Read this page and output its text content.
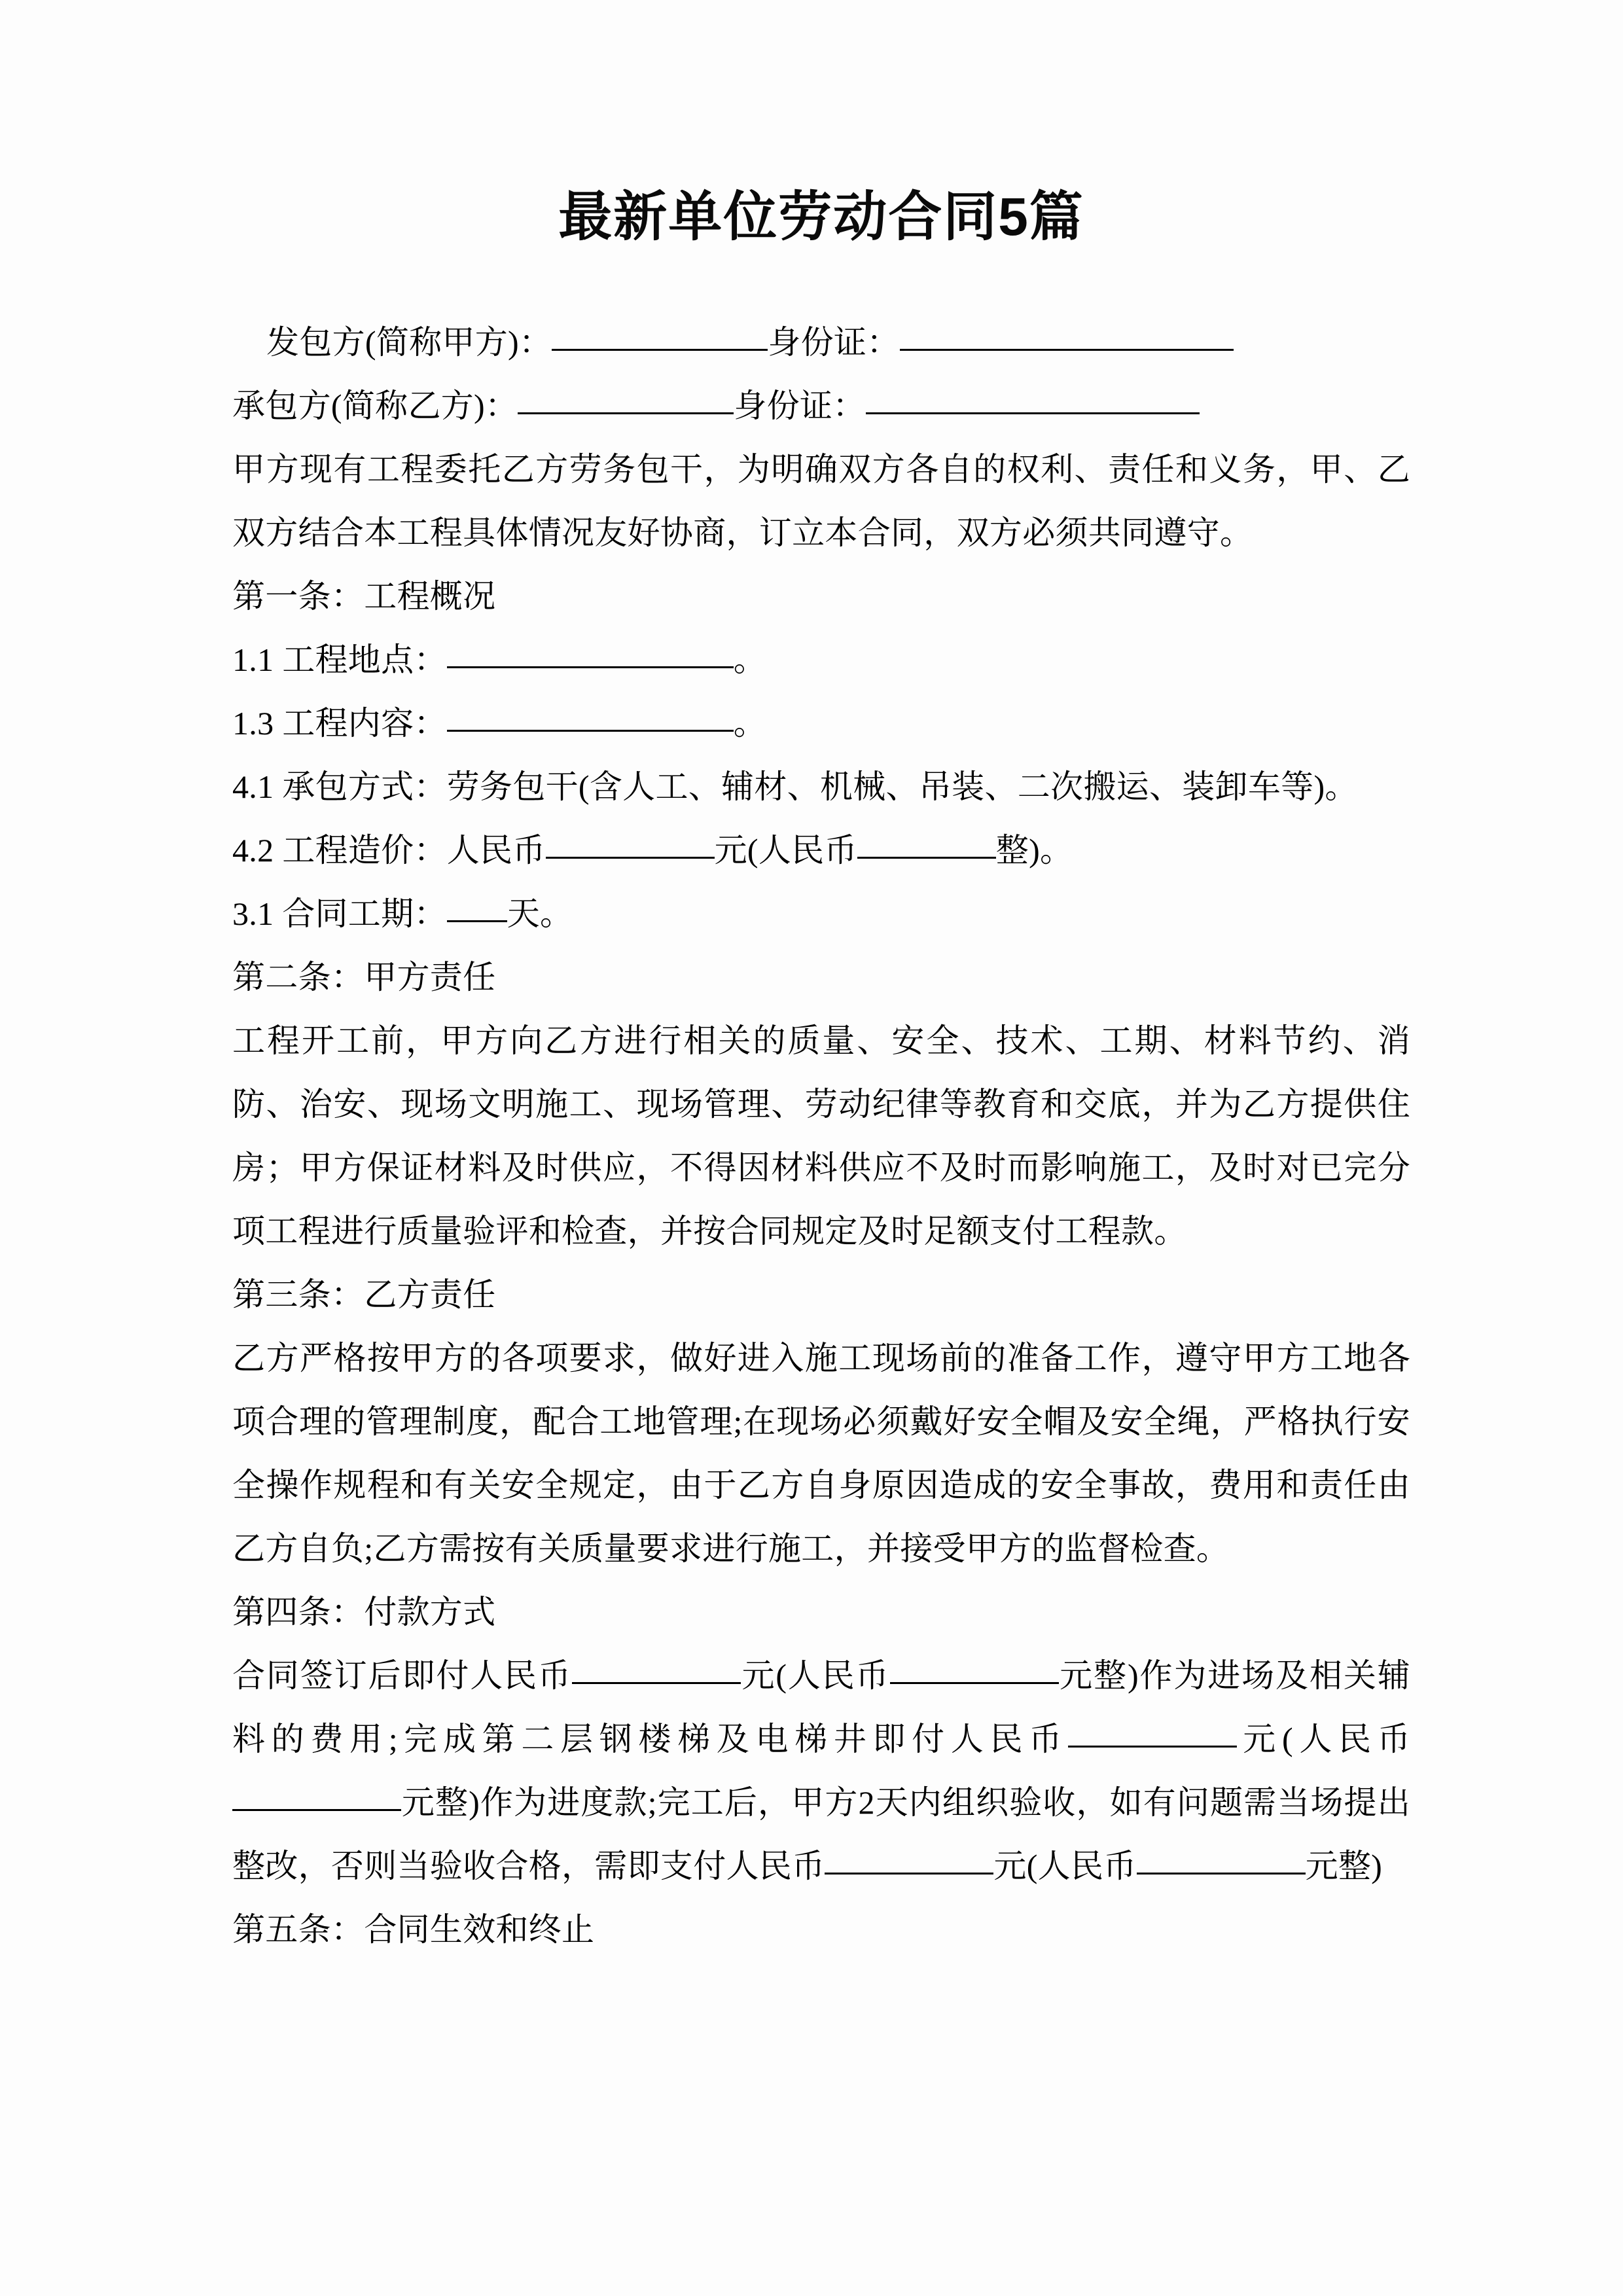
最新单位劳动合同5篇

发包方(简称甲方)：	身份证：

承包方(简称乙方)：	身份证：

甲方现有工程委托乙方劳务包干，为明确双方各自的权利、责任和义务，甲、乙双方结合本工程具体情况友好协商，订立本合同，双方必须共同遵守。

第一条：工程概况

1.1 工程地点：	。

1.3 工程内容：	。

4.1 承包方式：劳务包干(含人工、辅材、机械、吊装、二次搬运、装卸车等)。

4.2 工程造价：人民币	元(人民币	整)。

3.1 合同工期： 天。

第二条：甲方责任

工程开工前，甲方向乙方进行相关的质量、安全、技术、工期、材料节约、消防、治安、现场文明施工、现场管理、劳动纪律等教育和交底，并为乙方提供住房；甲方保证材料及时供应，不得因材料供应不及时而影响施工，及时对已完分项工程进行质量验评和检查，并按合同规定及时足额支付工程款。

第三条：乙方责任

乙方严格按甲方的各项要求，做好进入施工现场前的准备工作，遵守甲方工地各项合理的管理制度，配合工地管理;在现场必须戴好安全帽及安全绳，严格执行安全操作规程和有关安全规定，由于乙方自身原因造成的安全事故，费用和责任由乙方自负;乙方需按有关质量要求进行施工，并接受甲方的监督检查。

第四条：付款方式

合同签订后即付人民币	元(人民币	元整)作为进场及相关辅料的费用;完成第二层钢楼梯及电梯井即付人民币	元(人民币元整)作为进度款;完工后，甲方2天内组织验收，如有问题需当场提出整改，否则当验收合格，需即支付人民币	元(人民币	元整)

第五条：合同生效和终止
